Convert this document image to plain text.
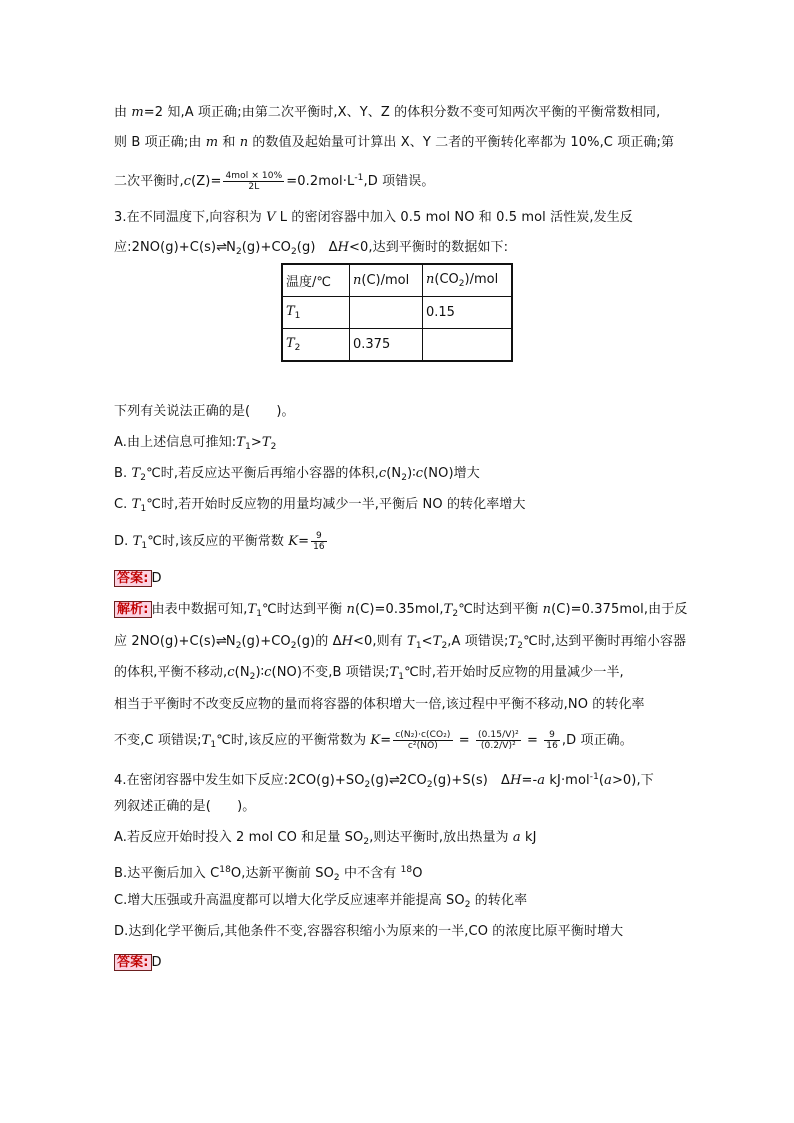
由 m=2 知,A 项正确;由第二次平衡时,X、Y、Z 的体积分数不变可知两次平衡的平衡常数相同,
则 B 项正确;由 m 和 n 的数值及起始量可计算出 X、Y 二者的平衡转化率都为 10%,C 项正确;第
二次平衡时$,c(Z)= \frac{\text{4mol × 10\%}}{2L} =0.2mol\cdot L^{-1},D$ 项错误。
3.在不同温度下,向容积为 V L 的密闭容器中加入 0.5 mol NO 和 0.5 mol 活性炭,发生反
应$:2NO(g)+C(s)\rightleftharpoons N_2(g)+CO_2(g)$　ΔH<0,达到平衡时的数据如下:
温度/℃	n(C)/mol	$n(CO_2)$/mol
$T_1$		0.15
$T_2$	0.375	
下列有关说法正确的是(　　)。
A.由上述信息可推知$:T_1>T_2$
B. $T_2℃$时,若反应达平衡后再缩小容器的体积$,c(N_2)∶c(NO)$增大
C. $T_1℃$时,若开始时反应物的用量均减少一半,平衡后 NO 的转化率增大
D. $T_1℃$时,该反应的平衡常数 $K= \frac{9}{16}$
答案: D
解析: 由表中数据可知$,T_1℃$时达到平衡 $n(C)=0.35mol,T_2℃$时达到平衡 n(C)=0.375mol,由于反
应 $2NO(g)+C(s)\rightleftharpoons N_2(g)+CO_2(g)$的 ΔH<0,则有 $T_1<T_2,A$ 项错误$;T_2℃$时,达到平衡时再缩小容器
的体积,平衡不移动$,c(N_2)∶c(NO)$不变,B 项错误$;T_1℃$时,若开始时反应物的用量减少一半,
相当于平衡时不改变反应物的量而将容器的体积增大一倍,该过程中平衡不移动,NO 的转化率
不变,C 项错误$;T_1℃$时,该反应的平衡常数为 $K= \frac{\text{c(N₂)·c(CO₂)}}{\text{c²(NO)}} = \frac{\text{(0.15/V)²}}{\text{(0.2/V)²}} = \frac{9}{16} ,D$ 项正确。
4.在密闭容器中发生如下反应$:2CO(g)+SO_2(g)\rightleftharpoons 2CO_2(g)+S(s)$　ΔH=-a kJ·mol$^{-1}$(a>0),下
列叙述正确的是(　　)。
A.若反应开始时投入 2 mol CO 和足量 $SO_2$,则达平衡时,放出热量为 a kJ
B.达平衡后加入 $C^{18}O$,达新平衡前 $SO_2$ 中不含有 $^{18}$O
C.增大压强或升高温度都可以增大化学反应速率并能提高 $SO_2$ 的转化率
D.达到化学平衡后,其他条件不变,容器容积缩小为原来的一半,CO 的浓度比原平衡时增大
答案: D
